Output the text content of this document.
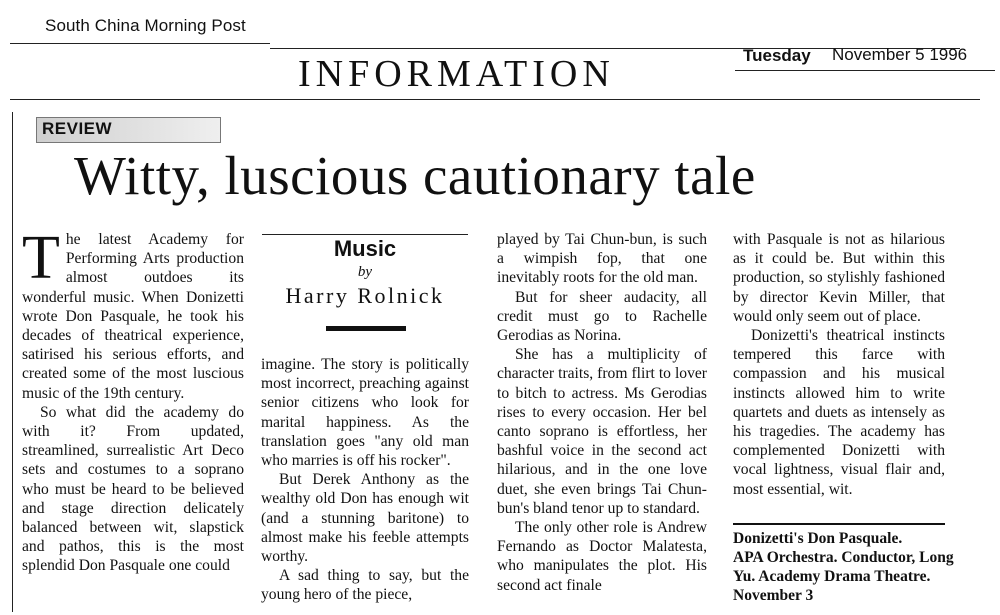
South China Morning Post
INFORMATION	Tuesday November 5 1996
REVIEW
Witty, luscious cautionary tale

The latest Academy for Performing Arts production almost outdoes its wonderful music. When Donizetti wrote Don Pasquale, he took his decades of theatrical experience, satirised his serious efforts, and created some of the most luscious music of the 19th century.

So what did the academy do with it? From updated, streamlined, surrealistic Art Deco sets and costumes to a soprano who must be heard to be believed and stage direction delicately balanced between wit, slapstick and pathos, this is the most splendid Don Pasquale one could

Music
by
Harry Rolnick

imagine. The story is politically most incorrect, preaching against senior citizens who look for marital happiness. As the translation goes "any old man who marries is off his rocker".

But Derek Anthony as the wealthy old Don has enough wit (and a stunning baritone) to almost make his feeble attempts worthy.

A sad thing to say, but the young hero of the piece,

played by Tai Chun-bun, is such a wimpish fop, that one inevitably roots for the old man.

But for sheer audacity, all credit must go to Rachelle Gerodias as Norina.

She has a multiplicity of character traits, from flirt to lover to bitch to actress. Ms Gerodias rises to every occasion. Her bel canto soprano is effortless, her bashful voice in the second act hilarious, and in the one love duet, she even brings Tai Chun-bun's bland tenor up to standard.

The only other role is Andrew Fernando as Doctor Malatesta, who manipulates the plot. His second act finale

with Pasquale is not as hilarious as it could be. But within this production, so stylishly fashioned by director Kevin Miller, that would only seem out of place.

Donizetti's theatrical instincts tempered this farce with compassion and his musical instincts allowed him to write quartets and duets as intensely as his tragedies. The academy has complemented Donizetti with vocal lightness, visual flair and, most essential, wit.

Donizetti's Don Pasquale.

APA Orchestra. Conductor, Long Yu. Academy Drama Theatre. November 3
